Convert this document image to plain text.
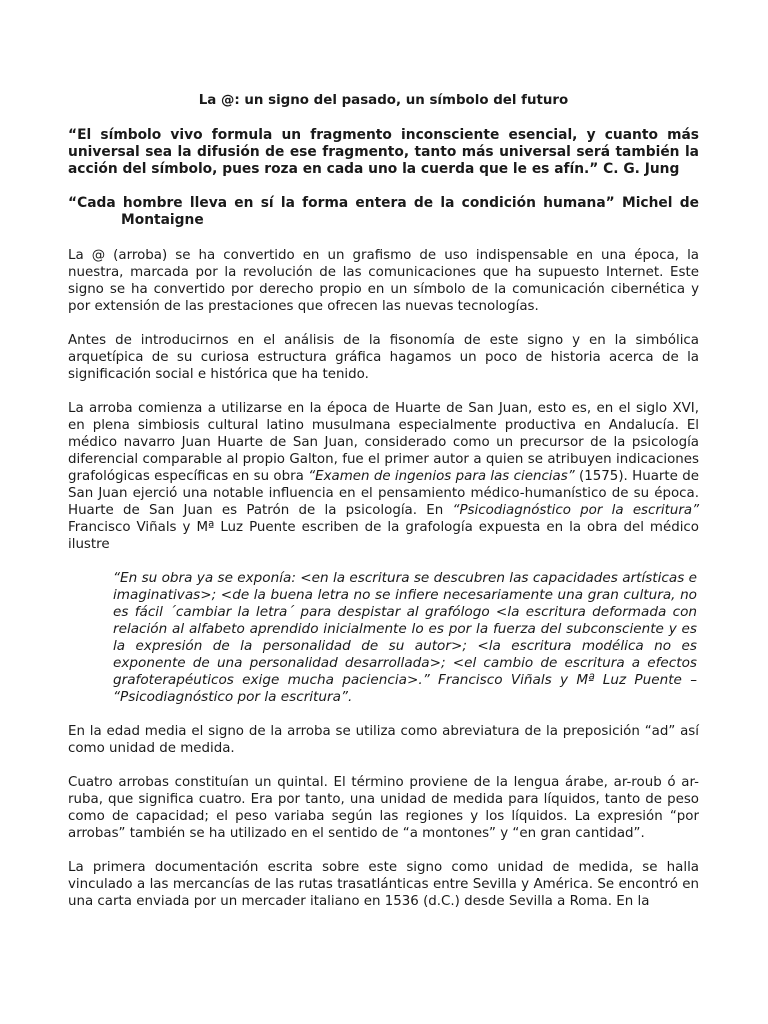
La @: un signo del pasado, un símbolo del futuro
“El símbolo vivo formula un fragmento inconsciente esencial, y cuanto más universal sea la difusión de ese fragmento, tanto más universal será también la acción del símbolo, pues roza en cada uno la cuerda que le es afín.” C. G. Jung
“Cada hombre lleva en sí la forma entera de la condición humana” Michel de
Montaigne

La @ (arroba) se ha convertido en un grafismo de uso indispensable en una época, la nuestra, marcada por la revolución de las comunicaciones que ha supuesto Internet. Este signo se ha convertido por derecho propio en un símbolo de la comunicación cibernética y por extensión de las prestaciones que ofrecen las nuevas tecnologías.

Antes de introducirnos en el análisis de la fisonomía de este signo y en la simbólica arquetípica de su curiosa estructura gráfica hagamos un poco de historia acerca de la significación social e histórica que ha tenido.

La arroba comienza a utilizarse en la época de Huarte de San Juan, esto es, en el siglo XVI, en plena simbiosis cultural latino musulmana especialmente productiva en Andalucía. El médico navarro Juan Huarte de San Juan, considerado como un precursor de la psicología diferencial comparable al propio Galton, fue el primer autor a quien se atribuyen indicaciones grafológicas específicas en su obra “Examen de ingenios para las ciencias” (1575). Huarte de San Juan ejerció una notable influencia en el pensamiento médico-humanístico de su época. Huarte de San Juan es Patrón de la psicología. En “Psicodiagnóstico por la escritura” Francisco Viñals y Mª Luz Puente escriben de la grafología expuesta en la obra del médico ilustre

“En su obra ya se exponía: <en la escritura se descubren las capacidades artísticas e imaginativas>; <de la buena letra no se infiere necesariamente una gran cultura, no es fácil ´cambiar la letra´ para despistar al grafólogo <la escritura deformada con relación al alfabeto aprendido inicialmente lo es por la fuerza del subconsciente y es la expresión de la personalidad de su autor>; <la escritura modélica no es exponente de una personalidad desarrollada>; <el cambio de escritura a efectos grafoterapéuticos exige mucha paciencia>.” Francisco Viñals y Mª Luz Puente – “Psicodiagnóstico por la escritura”.

En la edad media el signo de la arroba se utiliza como abreviatura de la preposición “ad” así como unidad de medida.

Cuatro arrobas constituían un quintal. El término proviene de la lengua árabe, ar-roub ó ar-ruba, que significa cuatro. Era por tanto, una unidad de medida para líquidos, tanto de peso como de capacidad; el peso variaba según las regiones y los líquidos. La expresión “por arrobas” también se ha utilizado en el sentido de “a montones” y “en gran cantidad”.

La primera documentación escrita sobre este signo como unidad de medida, se halla vinculado a las mercancías de las rutas trasatlánticas entre Sevilla y América. Se encontró en una carta enviada por un mercader italiano en 1536 (d.C.) desde Sevilla a Roma. En la
